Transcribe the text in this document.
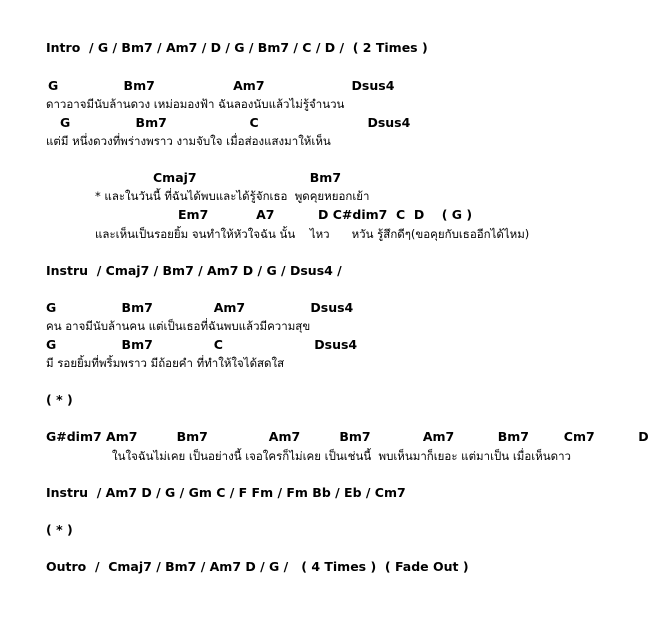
Intro  / G / Bm7 / Am7 / D / G / Bm7 / C / D /  ( 2 Times )
G               Bm7                  Am7                    Dsus4
ดาวอาจมีนับล้านดวง เหม่อมองฟ้า ฉันลองนับแล้วไม่รู้จำนวน
G               Bm7                   C                         Dsus4
แต่มี หนึ่งดวงที่พร่างพราว งามจับใจ เมื่อส่องแสงมาให้เห็น
Cmaj7                          Bm7
* และในวันนี้ ที่ฉันได้พบและได้รู้จักเธอ  พูดคุยหยอกเย้า
Em7           A7          D C#dim7  C  D    ( G )
และเห็นเป็นรอยยิ้ม จนทำให้หัวใจฉัน นั้น    ไหว      หวัน รู้สึกดีๆ(ขอคุยกับเธออีกได้ไหม)
Instru  / Cmaj7 / Bm7 / Am7 D / G / Dsus4 /
G               Bm7              Am7               Dsus4
คน อาจมีนับล้านคน แต่เป็นเธอที่ฉันพบแล้วมีความสุข
G               Bm7              C                     Dsus4
มี รอยยิ้มที่พริ้มพราว มีถ้อยคำ ที่ทำให้ใจได้สดใส
( * )
G#dim7 Am7         Bm7              Am7         Bm7            Am7          Bm7        Cm7          D
ในใจฉันไม่เคย เป็นอย่างนี้ เจอใครก็ไม่เคย เป็นเช่นนี้  พบเห็นมาก็เยอะ แต่มาเป็น เมื่อเห็นดาว
Instru  / Am7 D / G / Gm C / F Fm / Fm Bb / Eb / Cm7
( * )
Outro  /  Cmaj7 / Bm7 / Am7 D / G /   ( 4 Times )  ( Fade Out )
